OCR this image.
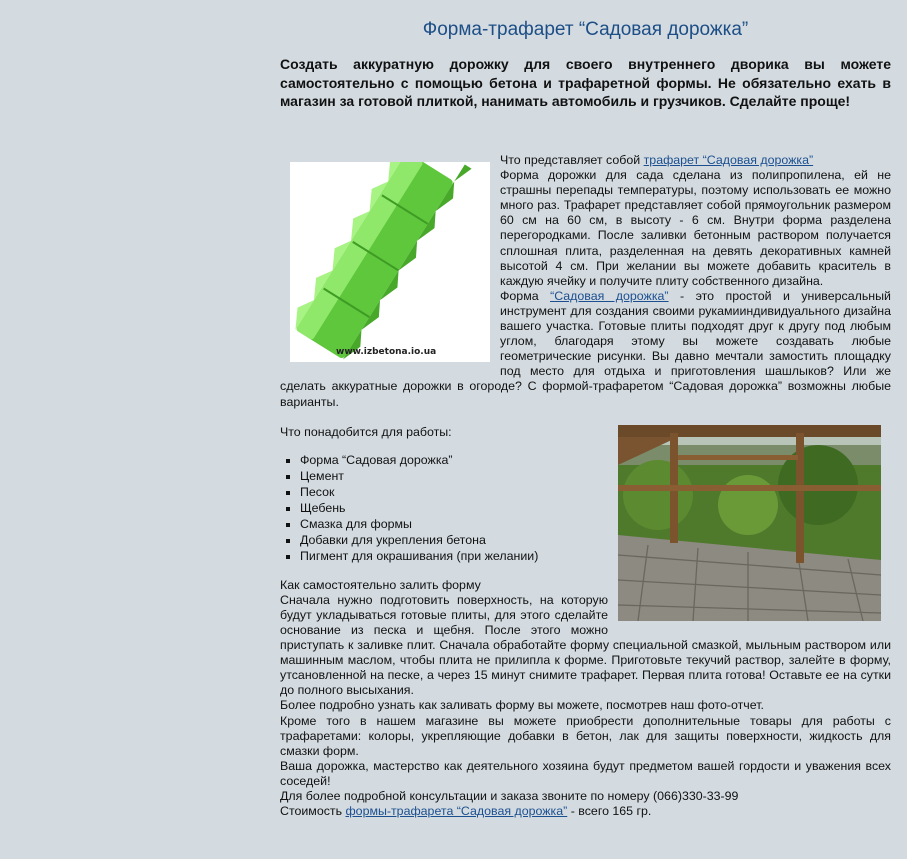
Форма-трафарет “Садовая дорожка”

Создать аккуратную дорожку для своего внутреннего дворика вы можете самостоятельно с помощью бетона и трафаретной формы. Не обязательно ехать в магазин за готовой плиткой, нанимать автомобиль и грузчиков. Сделайте проще!

www.izbetona.io.ua

Что представляет собой трафарет “Садовая дорожка”

Форма дорожки для сада сделана из полипропилена, ей не страшны перепады температуры, поэтому использовать ее можно много раз. Трафарет представляет собой прямоугольник размером 60 см на 60 см, в высоту - 6 см. Внутри форма разделена перегородками. После заливки бетонным раствором получается сплошная плита, разделенная на девять декоративных камней высотой 4 см. При желании вы можете добавить краситель в каждую ячейку и получите плиту собственного дизайна.

Форма “Садовая дорожка” - это простой и универсальный инструмент для создания своими рукамииндивидуального дизайна вашего участка. Готовые плиты подходят друг к другу под любым углом, благодаря этому вы можете создавать любые геометрические рисунки. Вы давно мечтали замостить площадку под место для отдыха и приготовления шашлыков? Или же сделать аккуратные дорожки в огороде? С формой-трафаретом “Садовая дорожка” возможны любые варианты.

Что понадобится для работы:

▪ Форма “Садовая дорожка”
▪ Цемент
▪ Песок
▪ Щебень
▪ Смазка для формы
▪ Добавки для укрепления бетона
▪ Пигмент для окрашивания (при желании)

Как самостоятельно залить форму

Сначала нужно подготовить поверхность, на которую будут укладываться готовые плиты, для этого сделайте основание из песка и щебня. После этого можно приступать к заливке плит. Сначала обработайте форму специальной смазкой, мыльным раствором или машинным маслом, чтобы плита не прилипла к форме. Приготовьте текучий раствор, залейте в форму, утсановленной на песке, а через 15 минут снимите трафарет. Первая плита готова! Оставьте ее на сутки до полного высыхания.

Более подробно узнать как заливать форму вы можете, посмотрев наш фото-отчет.

Кроме того в нашем магазине вы можете приобрести дополнительные товары для работы с трафаретами: колоры, укрепляющие добавки в бетон, лак для защиты поверхности, жидкость для смазки форм.

Ваша дорожка, мастерство как деятельного хозяина будут предметом вашей гордости и уважения всех соседей!

Для более подробной консультации и заказа звоните по номеру (066)330-33-99

Стоимость формы-трафарета “Садовая дорожка” - всего 165 гр.
